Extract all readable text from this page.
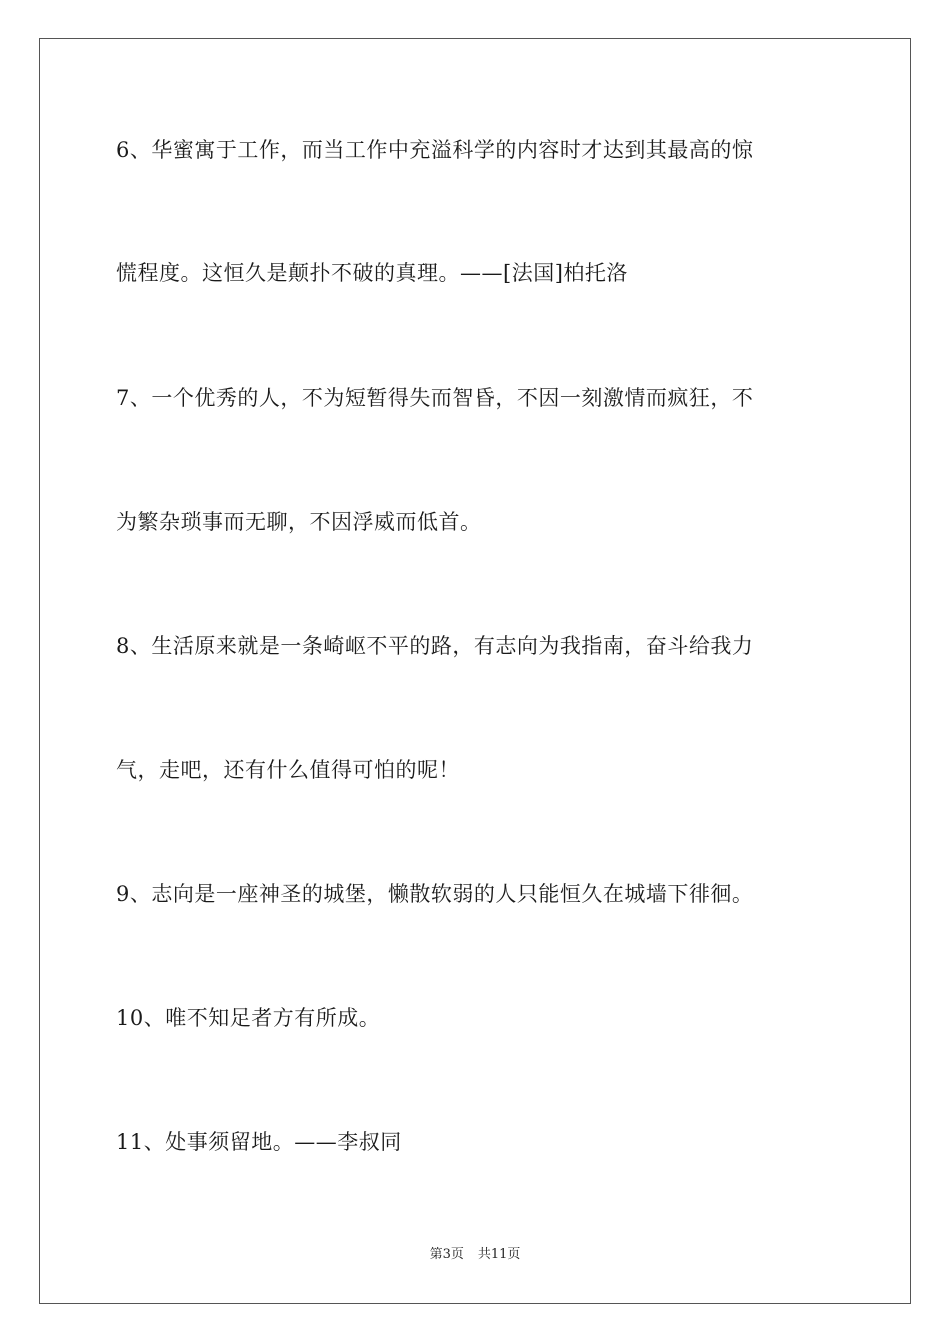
6、华蜜寓于工作，而当工作中充溢科学的内容时才达到其最高的惊
慌程度。这恒久是颠扑不破的真理。——[法国]柏托洛
7、一个优秀的人，不为短暂得失而智昏，不因一刻激情而疯狂，不
为繁杂琐事而无聊，不因浮威而低首。
8、生活原来就是一条崎岖不平的路，有志向为我指南，奋斗给我力
气，走吧，还有什么值得可怕的呢！
9、志向是一座神圣的城堡，懒散软弱的人只能恒久在城墙下徘徊。
10、唯不知足者方有所成。
11、处事须留地。——李叔同
第3页 共11页
